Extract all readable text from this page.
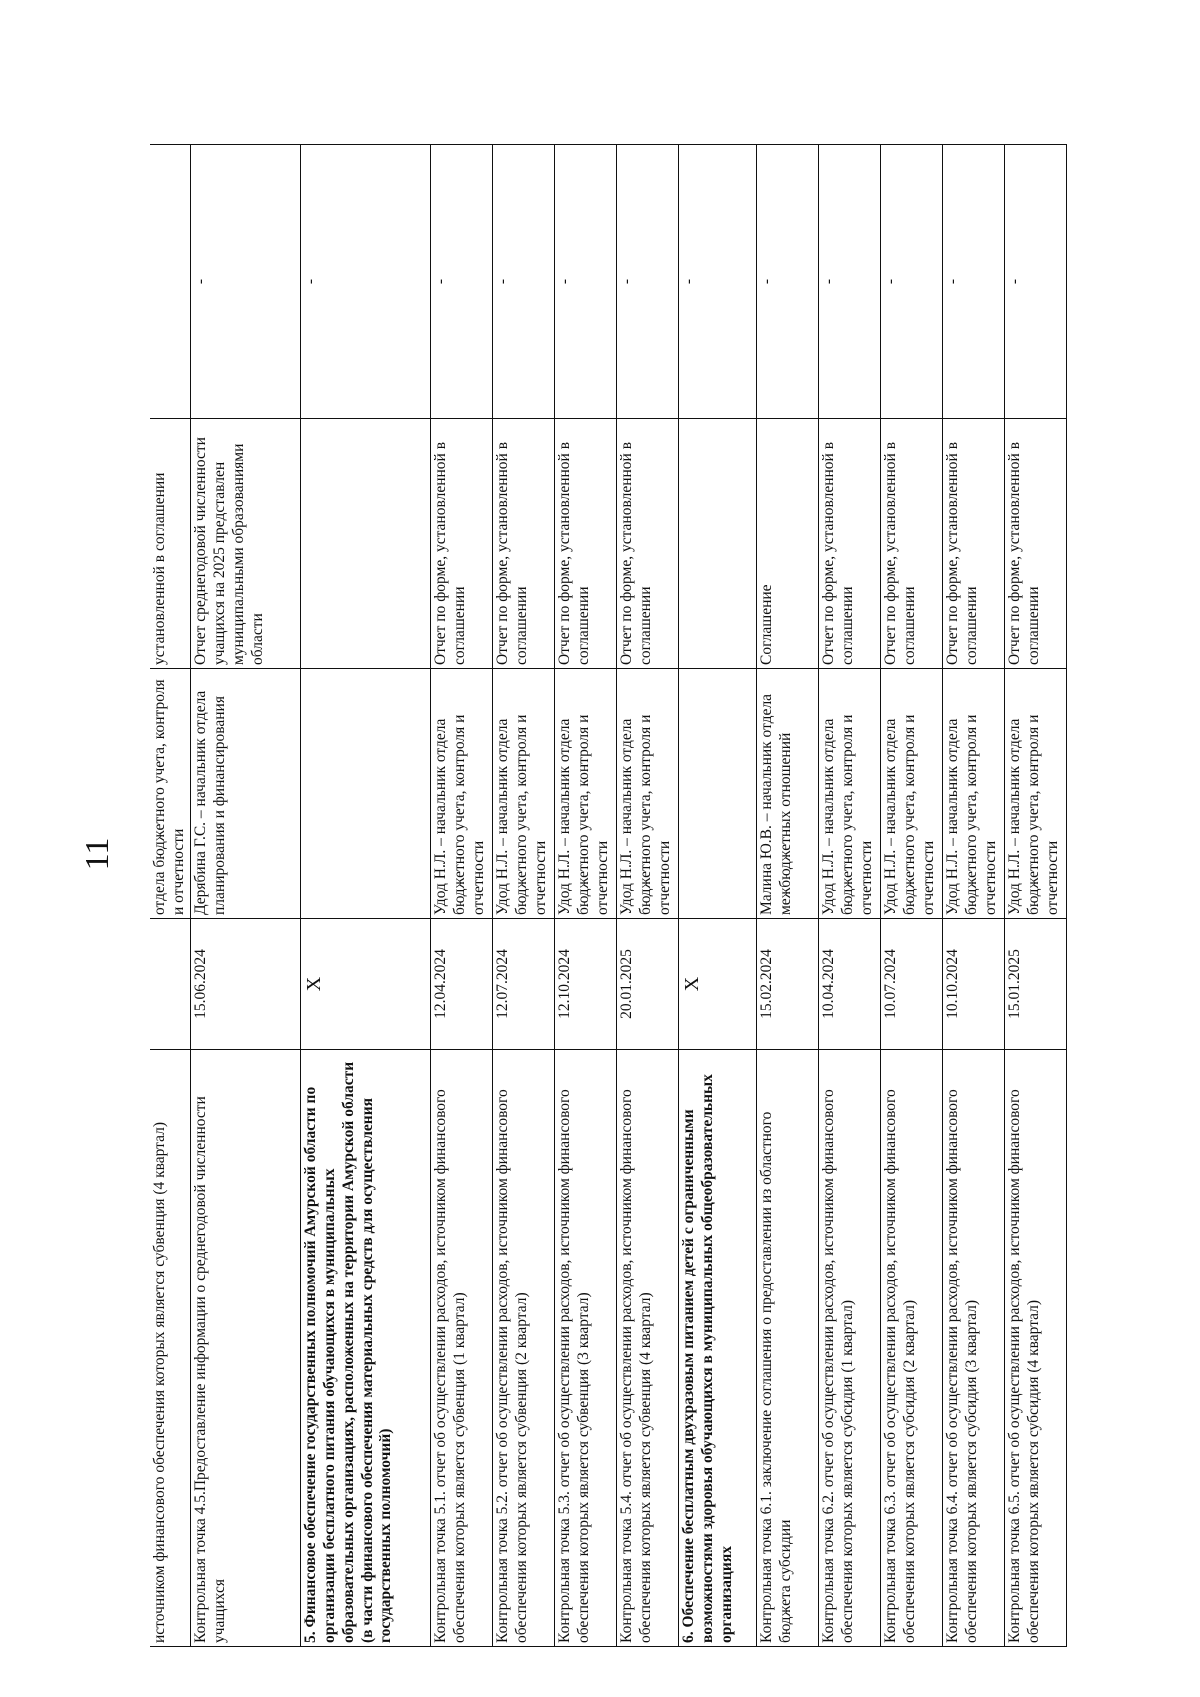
11
источником финансового обеспечения которых является субвенция (4 квартал)		отдела бюджетного учета, контроля и отчетности	установленной в соглашении	

Контрольная точка 4.5.Предоставление информации о среднегодовой численности учащихся	15.06.2024	Дерябина Г.С. – начальник отдела планирования и финансирования	Отчет среднегодовой численности учащихся на 2025 представлен муниципальными образованиями области	-

5. Финансовое обеспечение государственных полномочий Амурской области по организации бесплатного питания обучающихся в муниципальных образовательных организациях, расположенных на территории Амурской области (в части финансового обеспечения материальных средств для осуществления государственных полномочий)	X			-

Контрольная точка 5.1. отчет об осуществлении расходов, источником финансового обеспечения которых является субвенция (1 квартал)	12.04.2024	Удод Н.Л. – начальник отдела бюджетного учета, контроля и отчетности	Отчет по форме, установленной в соглашении	-

Контрольная точка 5.2. отчет об осуществлении расходов, источником финансового обеспечения которых является субвенция (2 квартал)	12.07.2024	Удод Н.Л. – начальник отдела бюджетного учета, контроля и отчетности	Отчет по форме, установленной в соглашении	-

Контрольная точка 5.3. отчет об осуществлении расходов, источником финансового обеспечения которых является субвенция (3 квартал)	12.10.2024	Удод Н.Л. – начальник отдела бюджетного учета, контроля и отчетности	Отчет по форме, установленной в соглашении	-

Контрольная точка 5.4. отчет об осуществлении расходов, источником финансового обеспечения которых является субвенция (4 квартал)	20.01.2025	Удод Н.Л. – начальник отдела бюджетного учета, контроля и отчетности	Отчет по форме, установленной в соглашении	-

6. Обеспечение бесплатным двухразовым питанием детей с ограниченными возможностями здоровья обучающихся в муниципальных общеобразовательных организациях	X			-

Контрольная точка 6.1. заключение соглашения о предоставлении из областного бюджета субсидии	15.02.2024	Малина Ю.В. – начальник отдела межбюджетных отношений	Соглашение	-

Контрольная точка 6.2. отчет об осуществлении расходов, источником финансового обеспечения которых является субсидия (1 квартал)	10.04.2024	Удод Н.Л. – начальник отдела бюджетного учета, контроля и отчетности	Отчет по форме, установленной в соглашении	-

Контрольная точка 6.3. отчет об осуществлении расходов, источником финансового обеспечения которых является субсидия (2 квартал)	10.07.2024	Удод Н.Л. – начальник отдела бюджетного учета, контроля и отчетности	Отчет по форме, установленной в соглашении	-

Контрольная точка 6.4. отчет об осуществлении расходов, источником финансового обеспечения которых является субсидия (3 квартал)	10.10.2024	Удод Н.Л. – начальник отдела бюджетного учета, контроля и отчетности	Отчет по форме, установленной в соглашении	-

Контрольная точка 6.5. отчет об осуществлении расходов, источником финансового обеспечения которых является субсидия (4 квартал)	15.01.2025	Удод Н.Л. – начальник отдела бюджетного учета, контроля и отчетности	Отчет по форме, установленной в соглашении	-
